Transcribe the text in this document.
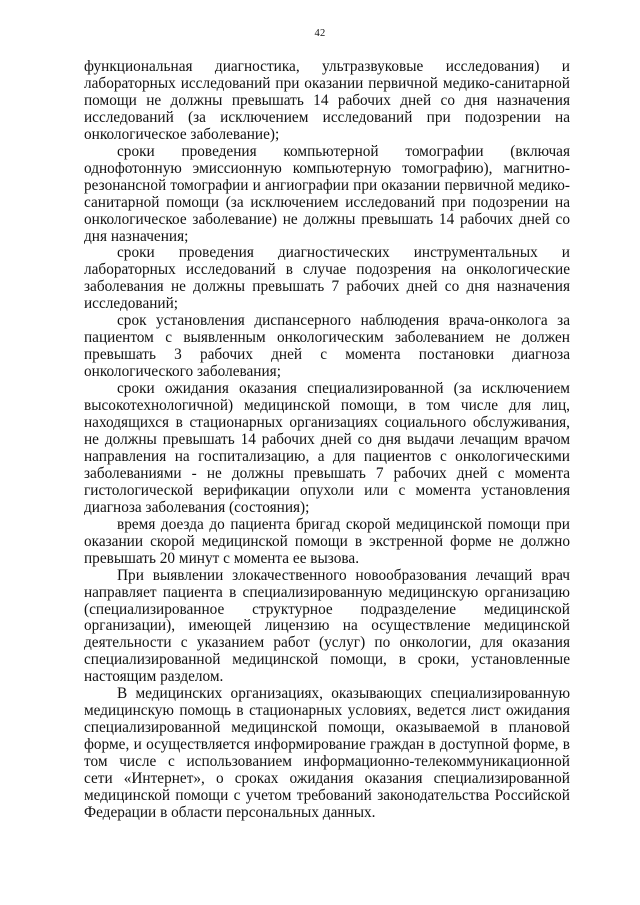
42

функциональная диагностика, ультразвуковые исследования) и лабораторных исследований при оказании первичной медико-санитарной помощи не должны превышать 14 рабочих дней со дня назначения исследований (за исключением исследований при подозрении на онкологическое заболевание);

сроки проведения компьютерной томографии (включая однофотонную эмиссионную компьютерную томографию), магнитно-резонансной томографии и ангиографии при оказании первичной медико-санитарной помощи (за исключением исследований при подозрении на онкологическое заболевание) не должны превышать 14 рабочих дней со дня назначения;

сроки проведения диагностических инструментальных и лабораторных исследований в случае подозрения на онкологические заболевания не должны превышать 7 рабочих дней со дня назначения исследований;

срок установления диспансерного наблюдения врача-онколога за пациентом с выявленным онкологическим заболеванием не должен превышать 3 рабочих дней с момента постановки диагноза онкологического заболевания;

сроки ожидания оказания специализированной (за исключением высокотехнологичной) медицинской помощи, в том числе для лиц, находящихся в стационарных организациях социального обслуживания, не должны превышать 14 рабочих дней со дня выдачи лечащим врачом направления на госпитализацию, а для пациентов с онкологическими заболеваниями - не должны превышать 7 рабочих дней с момента гистологической верификации опухоли или с момента установления диагноза заболевания (состояния);

время доезда до пациента бригад скорой медицинской помощи при оказании скорой медицинской помощи в экстренной форме не должно превышать 20 минут с момента ее вызова.

При выявлении злокачественного новообразования лечащий врач направляет пациента в специализированную медицинскую организацию (специализированное структурное подразделение медицинской организации), имеющей лицензию на осуществление медицинской деятельности с указанием работ (услуг) по онкологии, для оказания специализированной медицинской помощи, в сроки, установленные настоящим разделом.

В медицинских организациях, оказывающих специализированную медицинскую помощь в стационарных условиях, ведется лист ожидания специализированной медицинской помощи, оказываемой в плановой форме, и осуществляется информирование граждан в доступной форме, в том числе с использованием информационно-телекоммуникационной сети «Интернет», о сроках ожидания оказания специализированной медицинской помощи с учетом требований законодательства Российской Федерации в области персональных данных.
